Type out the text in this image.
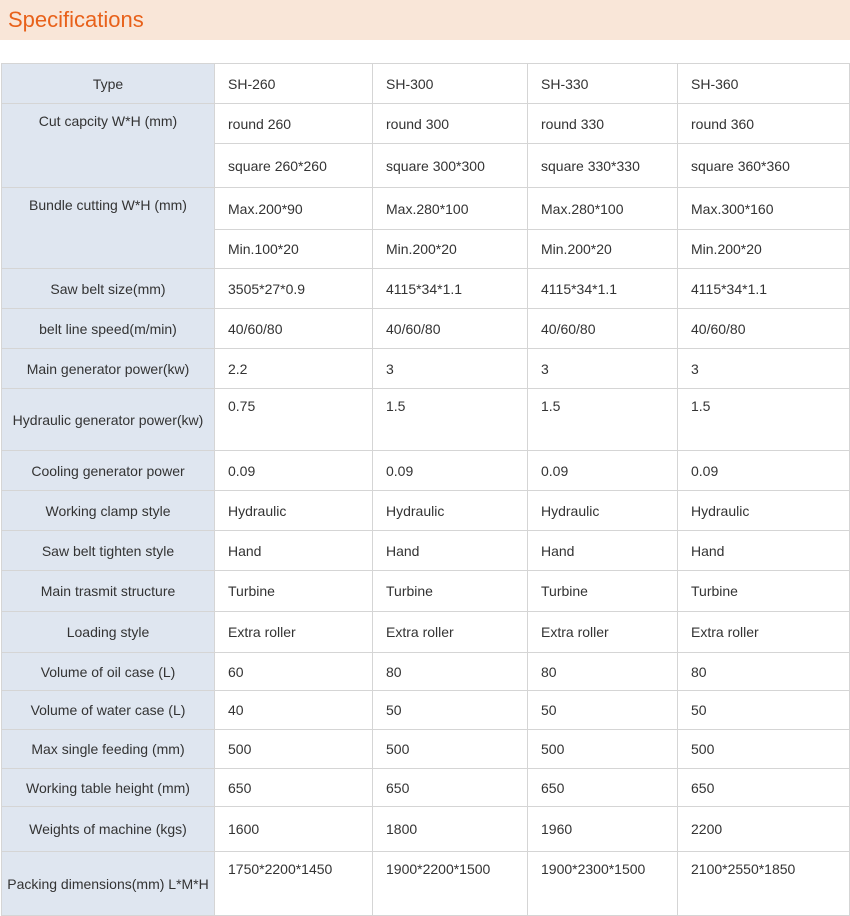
Specifications
Type	SH-260	SH-300	SH-330	SH-360
Cut capcity W*H (mm)	round 260	round 300	round 330	round 360
	square 260*260	square 300*300	square 330*330	square 360*360
Bundle cutting W*H (mm)	Max.200*90	Max.280*100	Max.280*100	Max.300*160
	Min.100*20	Min.200*20	Min.200*20	Min.200*20
Saw belt size(mm)	3505*27*0.9	4115*34*1.1	4115*34*1.1	4115*34*1.1
belt line speed(m/min)	40/60/80	40/60/80	40/60/80	40/60/80
Main generator power(kw)	2.2	3	3	3
Hydraulic generator power(kw)	0.75	1.5	1.5	1.5
Cooling generator power	0.09	0.09	0.09	0.09
Working clamp style	Hydraulic	Hydraulic	Hydraulic	Hydraulic
Saw belt tighten style	Hand	Hand	Hand	Hand
Main trasmit structure	Turbine	Turbine	Turbine	Turbine
Loading style	Extra roller	Extra roller	Extra roller	Extra roller
Volume of oil case (L)	60	80	80	80
Volume of water case (L)	40	50	50	50
Max single feeding (mm)	500	500	500	500
Working table height (mm)	650	650	650	650
Weights of machine (kgs)	1600	1800	1960	2200
Packing dimensions(mm) L*M*H	1750*2200*1450	1900*2200*1500	1900*2300*1500	2100*2550*1850
